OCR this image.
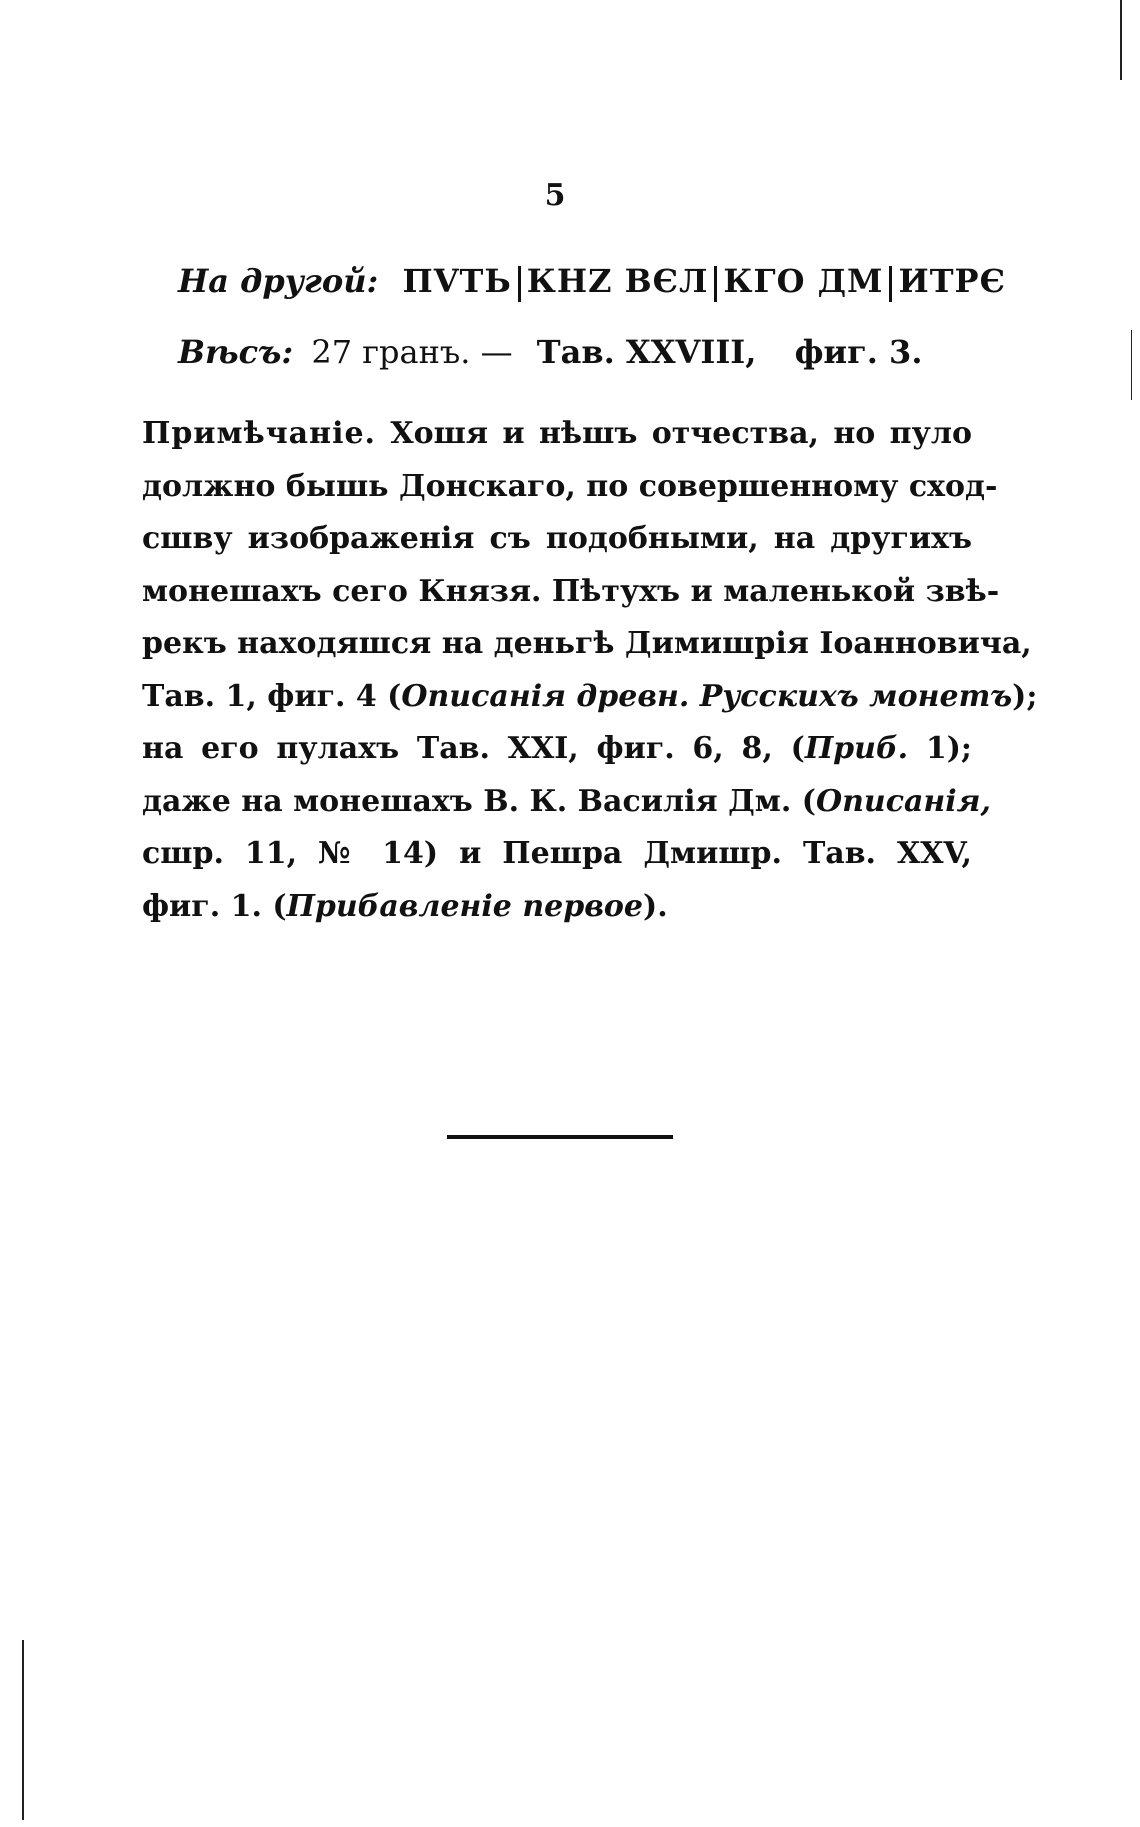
5
На другой: ПVТЬ КНZ ВЄЛ КГО ДМ ИТРЄ
Вѣсъ: 27 гранъ. — Тав. XXVIII, фиг. 3.
Примѣчаніе. Хошя и нѣшъ отчества, но пуло
должно бышь Донскаго, по совершенному сход-
сшву изображенія съ подобными, на другихъ
монешахъ сего Князя. Пѣтухъ и маленькой звѣ-
рекъ находяшся на деньгѣ Димишрія Іоанновича,
Тав. 1, фиг. 4 (Описанія древн. Русскихъ монетъ);
на его пулахъ Тав. XXI, фиг. 6, 8, (Приб. 1);
даже на монешахъ В. К. Василія Дм. (Описанія,
сшр. 11, № 14) и Пешра Дмишр. Тав. XXV,
фиг. 1. (Прибавленіе первое).
